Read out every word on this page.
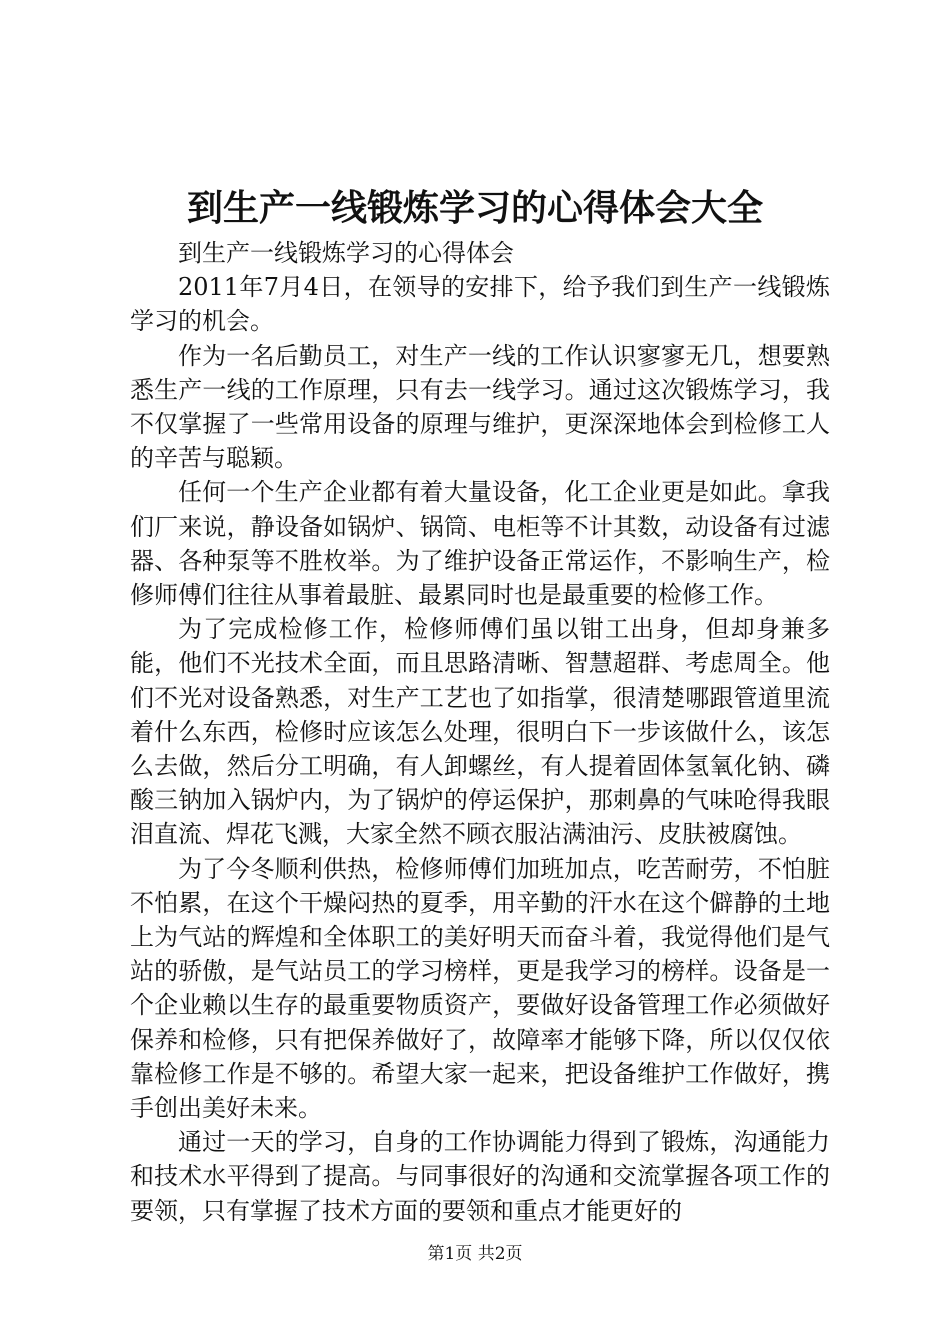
到生产一线锻炼学习的心得体会大全

到生产一线锻炼学习的心得体会

2011年7月4日，在领导的安排下，给予我们到生产一线锻炼学习的机会。

作为一名后勤员工，对生产一线的工作认识寥寥无几，想要熟悉生产一线的工作原理，只有去一线学习。通过这次锻炼学习，我不仅掌握了一些常用设备的原理与维护，更深深地体会到检修工人的辛苦与聪颖。

任何一个生产企业都有着大量设备，化工企业更是如此。拿我们厂来说，静设备如锅炉、锅筒、电柜等不计其数，动设备有过滤器、各种泵等不胜枚举。为了维护设备正常运作，不影响生产，检修师傅们往往从事着最脏、最累同时也是最重要的检修工作。

为了完成检修工作，检修师傅们虽以钳工出身，但却身兼多能，他们不光技术全面，而且思路清晰、智慧超群、考虑周全。他们不光对设备熟悉，对生产工艺也了如指掌，很清楚哪跟管道里流着什么东西，检修时应该怎么处理，很明白下一步该做什么，该怎么去做，然后分工明确，有人卸螺丝，有人提着固体氢氧化钠、磷酸三钠加入锅炉内，为了锅炉的停运保护，那刺鼻的气味呛得我眼泪直流、焊花飞溅，大家全然不顾衣服沾满油污、皮肤被腐蚀。

为了今冬顺利供热，检修师傅们加班加点，吃苦耐劳，不怕脏不怕累，在这个干燥闷热的夏季，用辛勤的汗水在这个僻静的土地上为气站的辉煌和全体职工的美好明天而奋斗着，我觉得他们是气站的骄傲，是气站员工的学习榜样，更是我学习的榜样。设备是一个企业赖以生存的最重要物质资产，要做好设备管理工作必须做好保养和检修，只有把保养做好了，故障率才能够下降，所以仅仅依靠检修工作是不够的。希望大家一起来，把设备维护工作做好，携手创出美好未来。

通过一天的学习，自身的工作协调能力得到了锻炼，沟通能力和技术水平得到了提高。与同事很好的沟通和交流掌握各项工作的要领，只有掌握了技术方面的要领和重点才能更好的

第1页 共2页
